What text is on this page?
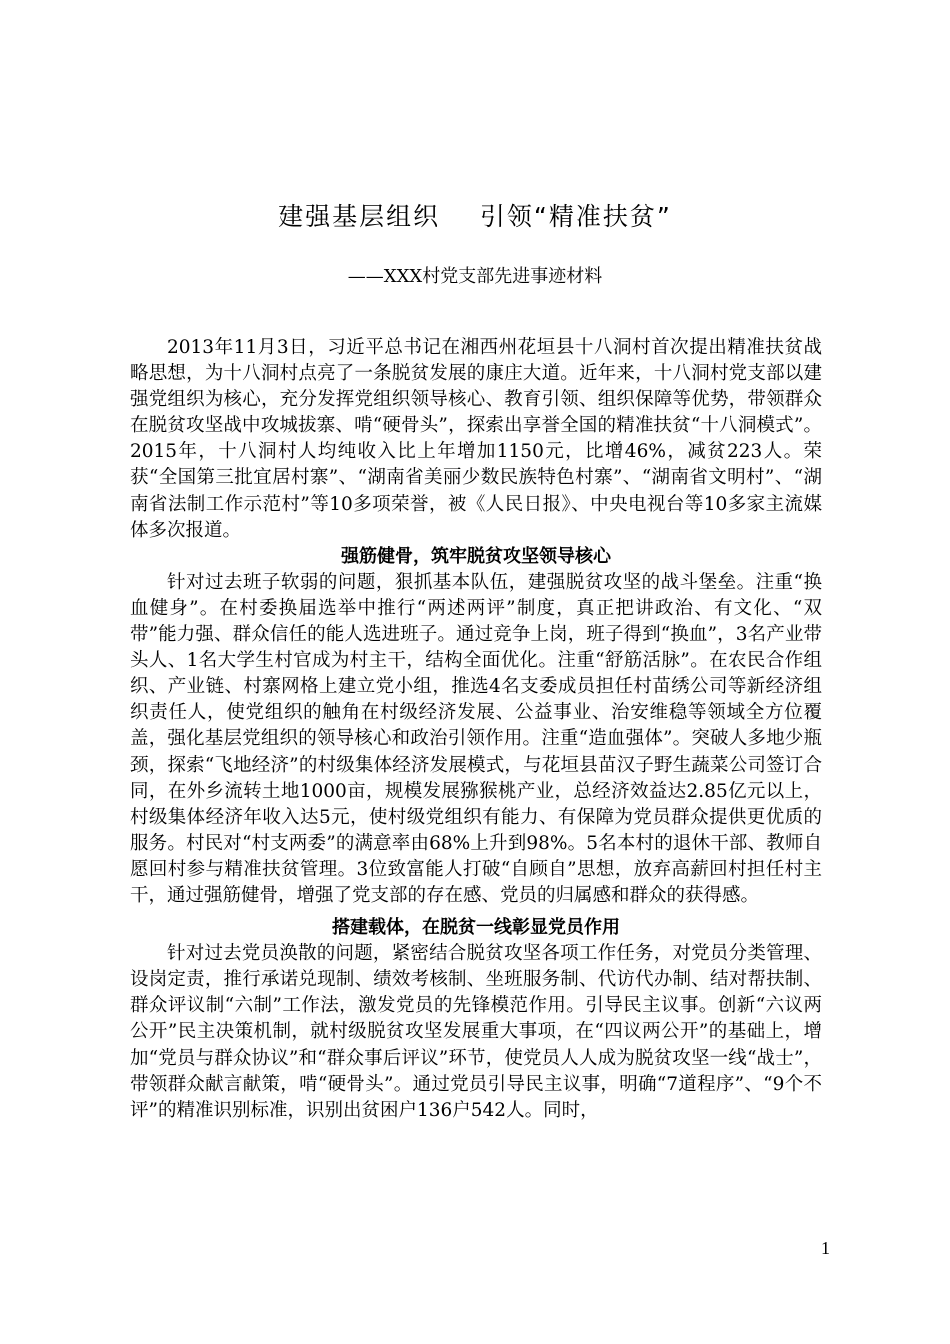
建强基层组织    引领“精准扶贫”

——XXX村党支部先进事迹材料

2013年11月3日，习近平总书记在湘西州花垣县十八洞村首次提出精准扶贫战略思想，为十八洞村点亮了一条脱贫发展的康庄大道。近年来，十八洞村党支部以建强党组织为核心，充分发挥党组织领导核心、教育引领、组织保障等优势，带领群众在脱贫攻坚战中攻城拔寨、啃“硬骨头”，探索出享誉全国的精准扶贫“十八洞模式”。2015年，十八洞村人均纯收入比上年增加1150元，比增46%，减贫223人。荣获“全国第三批宜居村寨”、“湖南省美丽少数民族特色村寨”、“湖南省文明村”、“湖南省法制工作示范村”等10多项荣誉，被《人民日报》、中央电视台等10多家主流媒体多次报道。

强筋健骨，筑牢脱贫攻坚领导核心

针对过去班子软弱的问题，狠抓基本队伍，建强脱贫攻坚的战斗堡垒。注重“换血健身”。在村委换届选举中推行“两述两评”制度，真正把讲政治、有文化、“双带”能力强、群众信任的能人选进班子。通过竞争上岗，班子得到“换血”，3名产业带头人、1名大学生村官成为村主干，结构全面优化。注重“舒筋活脉”。在农民合作组织、产业链、村寨网格上建立党小组，推选4名支委成员担任村苗绣公司等新经济组织责任人，使党组织的触角在村级经济发展、公益事业、治安维稳等领域全方位覆盖，强化基层党组织的领导核心和政治引领作用。注重“造血强体”。突破人多地少瓶颈，探索“飞地经济”的村级集体经济发展模式，与花垣县苗汉子野生蔬菜公司签订合同，在外乡流转土地1000亩，规模发展猕猴桃产业，总经济效益达2.85亿元以上，村级集体经济年收入达5元，使村级党组织有能力、有保障为党员群众提供更优质的服务。村民对“村支两委”的满意率由68%上升到98%。5名本村的退休干部、教师自愿回村参与精准扶贫管理。3位致富能人打破“自顾自”思想，放弃高薪回村担任村主干，通过强筋健骨，增强了党支部的存在感、党员的归属感和群众的获得感。

搭建载体，在脱贫一线彰显党员作用

针对过去党员涣散的问题，紧密结合脱贫攻坚各项工作任务，对党员分类管理、设岗定责，推行承诺兑现制、绩效考核制、坐班服务制、代访代办制、结对帮扶制、群众评议制“六制”工作法，激发党员的先锋模范作用。引导民主议事。创新“六议两公开”民主决策机制，就村级脱贫攻坚发展重大事项，在“四议两公开”的基础上，增加“党员与群众协议”和“群众事后评议”环节，使党员人人成为脱贫攻坚一线“战士”，带领群众献言献策，啃“硬骨头”。通过党员引导民主议事，明确“7道程序”、“9个不评”的精准识别标准，识别出贫困户136户542人。同时，

1
